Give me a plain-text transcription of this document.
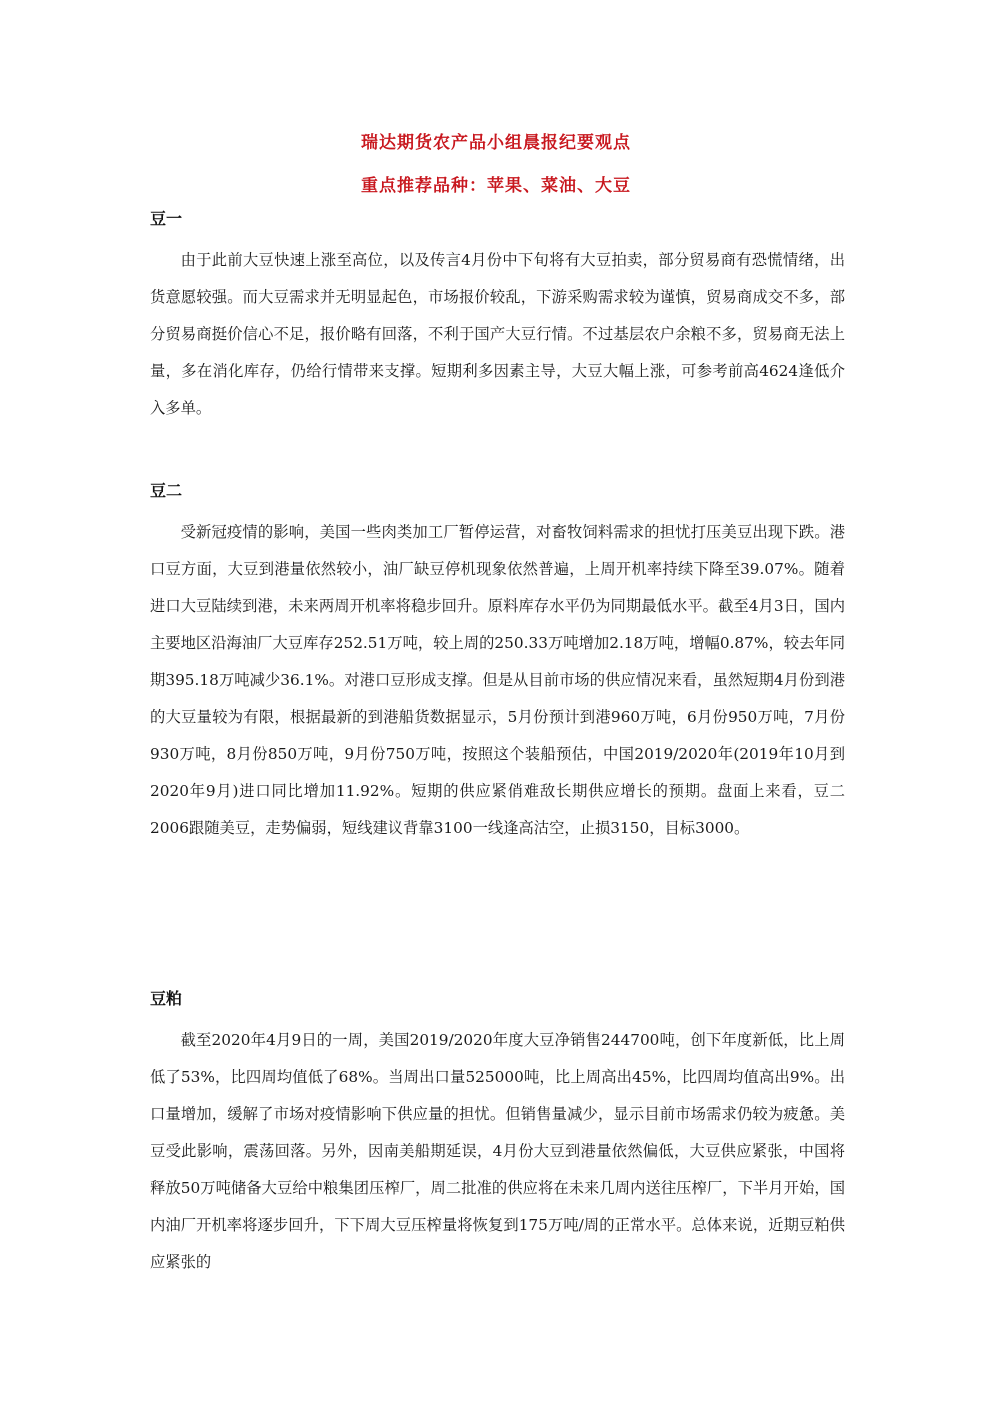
瑞达期货农产品小组晨报纪要观点
重点推荐品种：苹果、菜油、大豆
豆一

由于此前大豆快速上涨至高位，以及传言4月份中下旬将有大豆拍卖，部分贸易商有恐慌情绪，出货意愿较强。而大豆需求并无明显起色，市场报价较乱，下游采购需求较为谨慎，贸易商成交不多，部分贸易商挺价信心不足，报价略有回落，不利于国产大豆行情。不过基层农户余粮不多，贸易商无法上量，多在消化库存，仍给行情带来支撑。短期利多因素主导，大豆大幅上涨，可参考前高4624逢低介入多单。

豆二

受新冠疫情的影响，美国一些肉类加工厂暂停运营，对畜牧饲料需求的担忧打压美豆出现下跌。港口豆方面，大豆到港量依然较小，油厂缺豆停机现象依然普遍，上周开机率持续下降至39.07%。随着进口大豆陆续到港，未来两周开机率将稳步回升。原料库存水平仍为同期最低水平。截至4月3日，国内主要地区沿海油厂大豆库存252.51万吨，较上周的250.33万吨增加2.18万吨，增幅0.87%，较去年同期395.18万吨减少36.1%。对港口豆形成支撑。但是从目前市场的供应情况来看，虽然短期4月份到港的大豆量较为有限，根据最新的到港船货数据显示，5月份预计到港960万吨，6月份950万吨，7月份930万吨，8月份850万吨，9月份750万吨，按照这个装船预估，中国2019/2020年(2019年10月到2020年9月)进口同比增加11.92%。短期的供应紧俏难敌长期供应增长的预期。盘面上来看，豆二2006跟随美豆，走势偏弱，短线建议背靠3100一线逢高沽空，止损3150，目标3000。

豆粕

截至2020年4月9日的一周，美国2019/2020年度大豆净销售244700吨，创下年度新低，比上周低了53%，比四周均值低了68%。当周出口量525000吨，比上周高出45%，比四周均值高出9%。出口量增加，缓解了市场对疫情影响下供应量的担忧。但销售量减少，显示目前市场需求仍较为疲惫。美豆受此影响，震荡回落。另外，因南美船期延误，4月份大豆到港量依然偏低，大豆供应紧张，中国将释放50万吨储备大豆给中粮集团压榨厂，周二批准的供应将在未来几周内送往压榨厂，下半月开始，国内油厂开机率将逐步回升，下下周大豆压榨量将恢复到175万吨/周的正常水平。总体来说，近期豆粕供应紧张的
